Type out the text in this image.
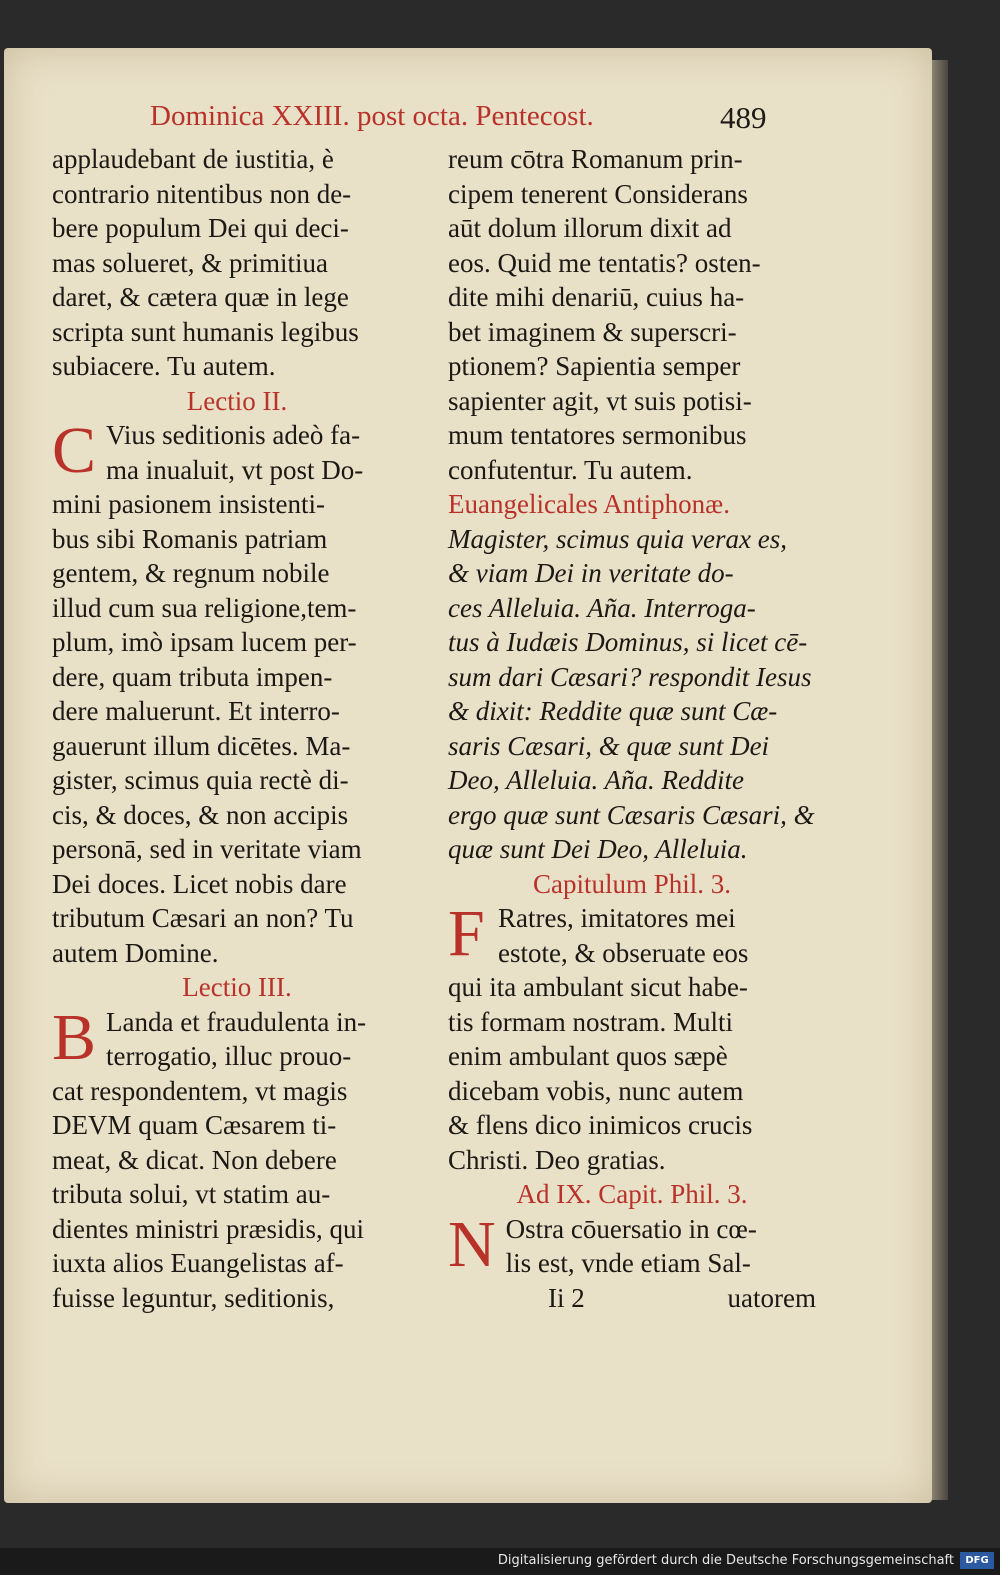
Dominica XXIII. post octa. Pentecost.	489
applaudebant de iustitia, è
contrario nitentibus non de-
bere populum Dei qui deci-
mas solueret, & primitiua
daret, & cætera quæ in lege
scripta sunt humanis legibus
subiacere. Tu autem.
Lectio II.
C Vius seditionis adeò fa-
ma inualuit, vt post Do-
mini pasionem insistenti-
bus sibi Romanis patriam
gentem, & regnum nobile
illud cum sua religione,tem-
plum, imò ipsam lucem per-
dere, quam tributa impen-
dere maluerunt. Et interro-
gauerunt illum dicētes. Ma-
gister, scimus quia rectè di-
cis, & doces, & non accipis
personā, sed in veritate viam
Dei doces. Licet nobis dare
tributum Cæsari an non? Tu
autem Domine.
Lectio III.
B Landa et fraudulenta in-
terrogatio, illuc prouo-
cat respondentem, vt magis
DEVM quam Cæsarem ti-
meat, & dicat. Non debere
tributa solui, vt statim au-
dientes ministri præsidis, qui
iuxta alios Euangelistas af-
fuisse leguntur, seditionis,
reum cōtra Romanum prin-
cipem tenerent Considerans
aūt dolum illorum dixit ad
eos. Quid me tentatis? osten-
dite mihi denariū, cuius ha-
bet imaginem & superscri-
ptionem? Sapientia semper
sapienter agit, vt suis potisi-
mum tentatores sermonibus
confutentur. Tu autem.
Euangelicales Antiphonæ.
Magister, scimus quia verax es,
& viam Dei in veritate do-
ces Alleluia. Aña. Interroga-
tus à Iudæis Dominus, si licet cē-
sum dari Cæsari? respondit Iesus
& dixit: Reddite quæ sunt Cæ-
saris Cæsari, & quæ sunt Dei
Deo, Alleluia. Aña. Reddite
ergo quæ sunt Cæsaris Cæsari, &
quæ sunt Dei Deo, Alleluia.
Capitulum Phil. 3.
F Ratres, imitatores mei
estote, & obseruate eos
qui ita ambulant sicut habe-
tis formam nostram. Multi
enim ambulant quos sæpè
dicebam vobis, nunc autem
& flens dico inimicos crucis
Christi. Deo gratias.
Ad IX. Capit. Phil. 3.
N Ostra cōuersatio in cœ-
lis est, vnde etiam Sal-
Ii 2	uatorem
Digitalisierung gefördert durch die Deutsche Forschungsgemeinschaft	DFG
